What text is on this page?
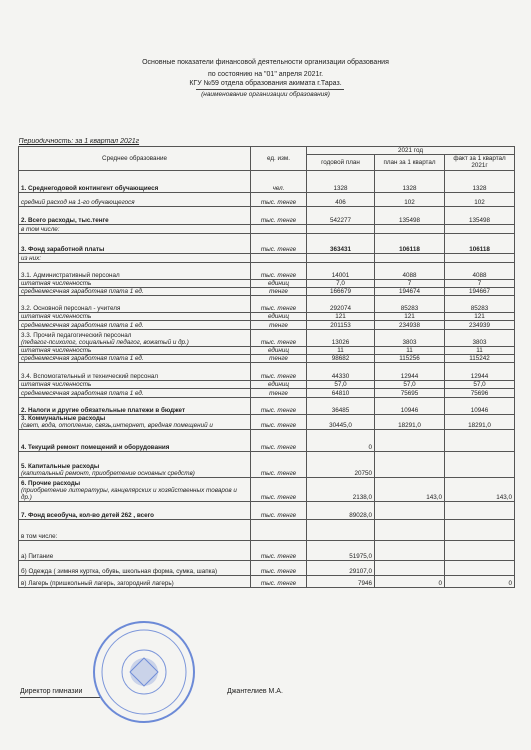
Основные показатели финансовой деятельности организации образования
по состоянию на "01" апреля 2021г.
КГУ №59 отдела образования акимата г.Тараз.
(наименование организации образования)
Периодичность: за 1 квартал 2021г				
Среднее образование	ед. изм.	2021 год		
		годовой план	план за 1 квартал	факт за 1 квартал 2021г

1. Среднегодовой контингент обучающиеся	чел.	1328	1328	1328

средний расход на 1-го обучающегося	тыс. тенге	406	102	102

2. Всего расходы, тыс.тенге	тыс. тенге	542277	135498	135498

в том числе:				

3. Фонд заработной платы	тыс. тенге	363431	106118	106118

из них:				

3.1. Административный персонал	тыс. тенге	14001	4088	4088

штатная численность	единиц	7,0	7	7

среднемесячная заработная плата 1 ед.	тенге	166679	194674	194667

3.2. Основной персонал - учителя	тыс. тенге	292074	85283	85283

штатная численность	единиц	121	121	121

среднемесячная заработная плата 1 ед.	тенге	201153	234938	234939

3.3. Прочий педагогический персонал
(педагог-психолог, социальный педагог, вожатый и др.)	тыс. тенге	13026	3803	3803

штатная численность	единиц	11	11	11

среднемесячная заработная плата 1 ед.	тенге	98682	115256	115242

3.4. Вспомогательный и технический персонал	тыс. тенге	44330	12944	12944

штатная численность	единиц	57,0	57,0	57,0

среднемесячная заработная плата 1 ед.	тенге	64810	75695	75696

2. Налоги и другие обязательные платежи в бюджет	тыс. тенге	36485	10946	10946

3. Коммунальные расходы
(свет, вода, отопление, связь,интернет, вредная помещений и	тыс. тенге	30445,0	18291,0	18291,0

4. Текущий ремонт помещений и оборудования	тыс. тенге	0		

5. Капитальные расходы
(капитальный ремонт, приобретение основных средств)	тыс. тенге	20750		

6. Прочие расходы
(приобретение литературы, канцелярских и хозяйственных товаров и др.)	тыс. тенге	2138,0	143,0	143,0

7. Фонд всеобуча, кол-во детей 262 , всего	тыс. тенге	89028,0		

в том числе:				

а) Питание	тыс. тенге	51975,0		

б) Одежда ( зимняя куртка, обувь, школьная форма, сумка, шапка)	тыс. тенге	29107,0		

в) Лагерь (пришкольный лагерь, загородний лагерь)	тыс. тенге	7946	0	0
Директор гимназии	Джантелиев М.А.
